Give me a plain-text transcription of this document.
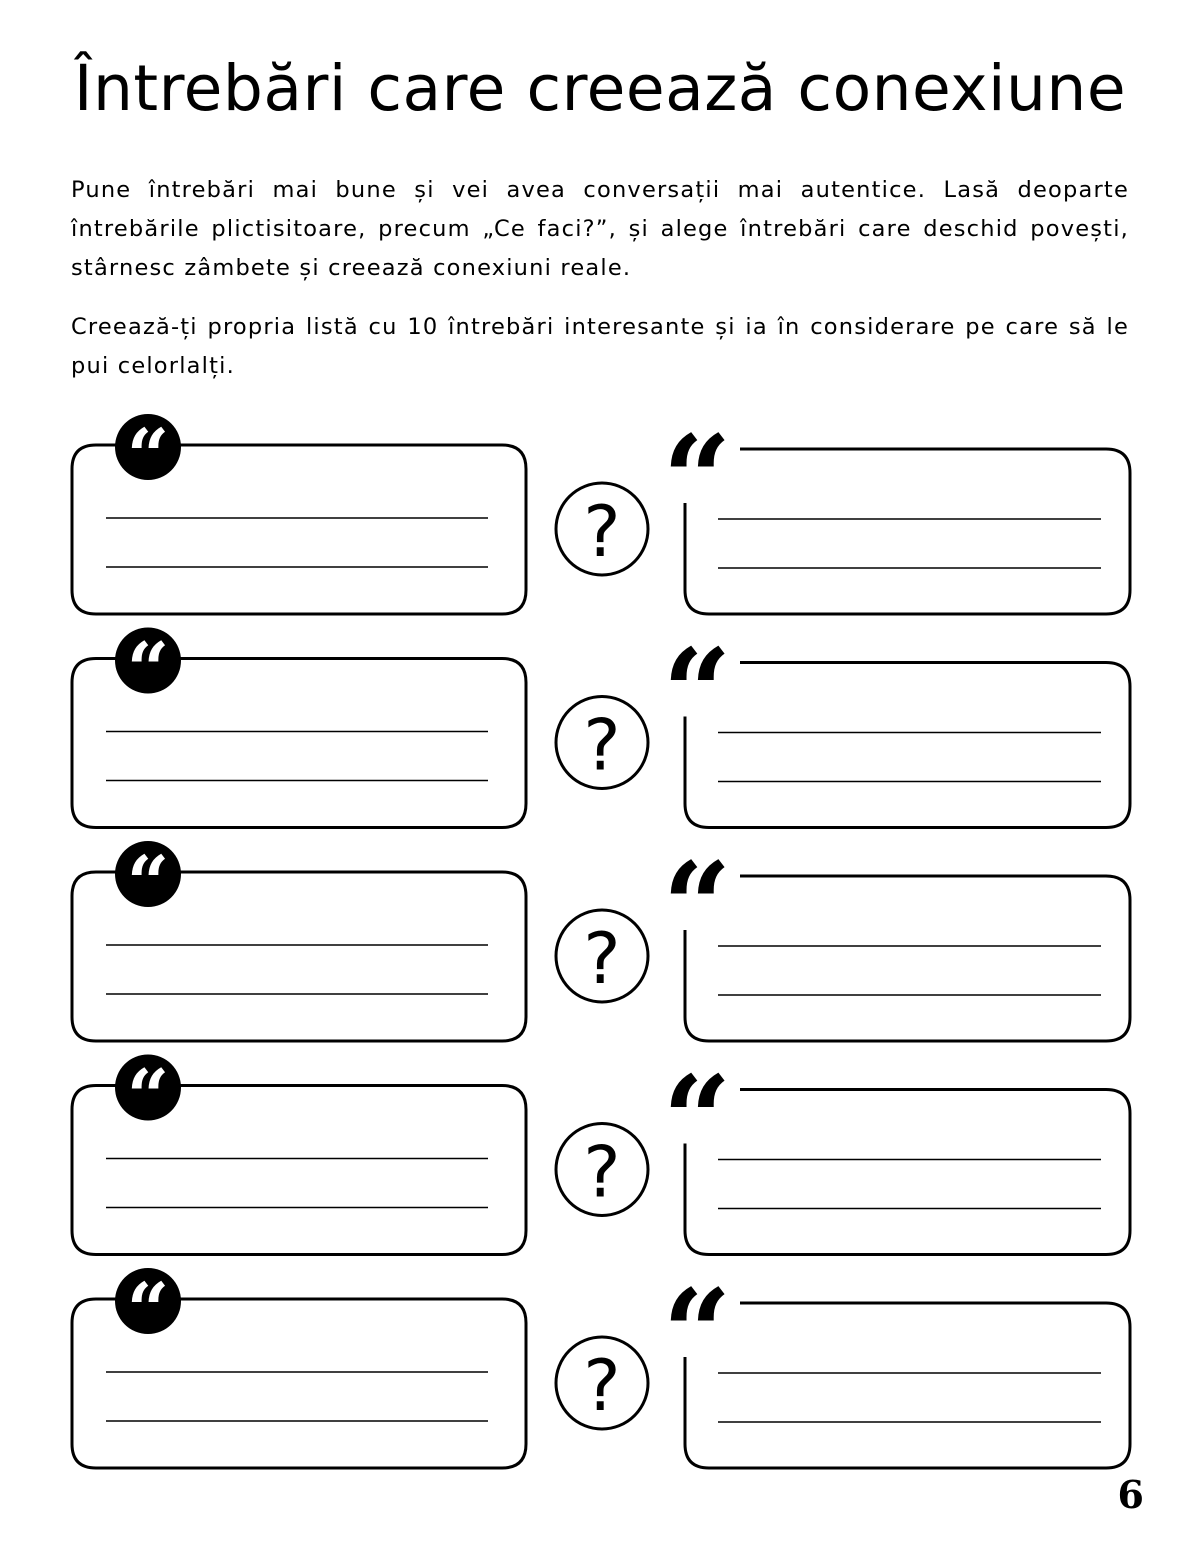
Întrebări care creează conexiune

Pune întrebări mai bune și vei avea conversații mai autentice. Lasă deoparte întrebările plictisitoare, precum „Ce faci?”, și alege întrebări care deschid povești, stârnesc zâmbete și creează conexiuni reale.

Creează-ți propria listă cu 10 întrebări interesante și ia în considerare pe care să le pui celorlalți.

“
? “
“
? “
“
? “
“
? “
“
? “
6
